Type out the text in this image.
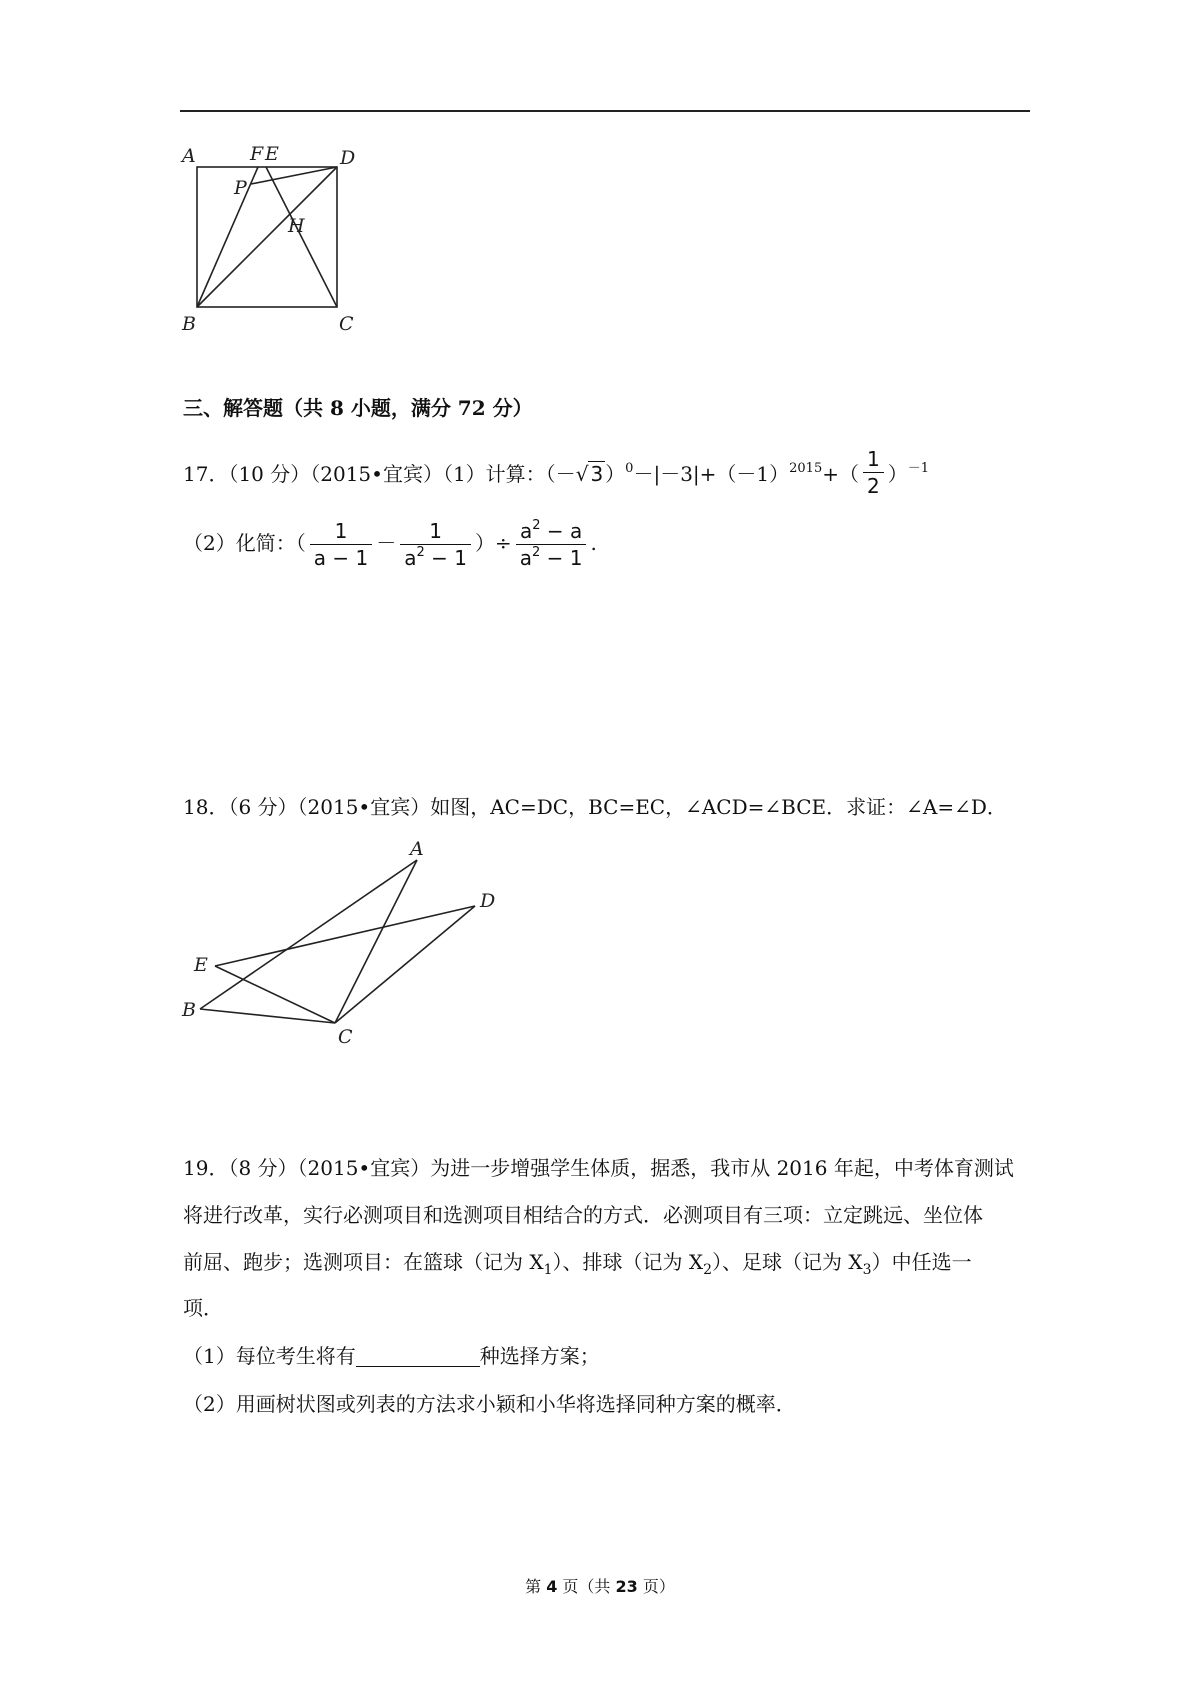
A	F E	D
P
H
B	C
三、解答题（共 8 小题，满分 72 分）
17．（10 分）（2015•宜宾）（1）计算：（－√ 3 ）$^0-|-3|+(-1)^{2015}+( \frac{1}{2} )^{-1}$
（2）化简：（ $\frac{1}{a - 1} - \frac{1}{a^2 - 1}$ ）÷ $\frac{a^2 - a}{a^2 - 1}$ .
18．（6 分）（2015•宜宾）如图，AC=DC，BC=EC，∠ACD=∠BCE．求证：∠A=∠D．
A
D
E
B
C
19．（8 分）（2015•宜宾）为进一步增强学生体质，据悉，我市从 2016 年起，中考体育测试
将进行改革，实行必测项目和选测项目相结合的方式．必测项目有三项：立定跳远、坐位体
前屈、跑步；选测项目：在篮球（记为 $X_1$）、排球（记为 $X_2$）、足球（记为 $X_3$）中任选一
项．
（1）每位考生将有	种选择方案；
（2）用画树状图或列表的方法求小颖和小华将选择同种方案的概率．
第 4 页（共 23 页）
